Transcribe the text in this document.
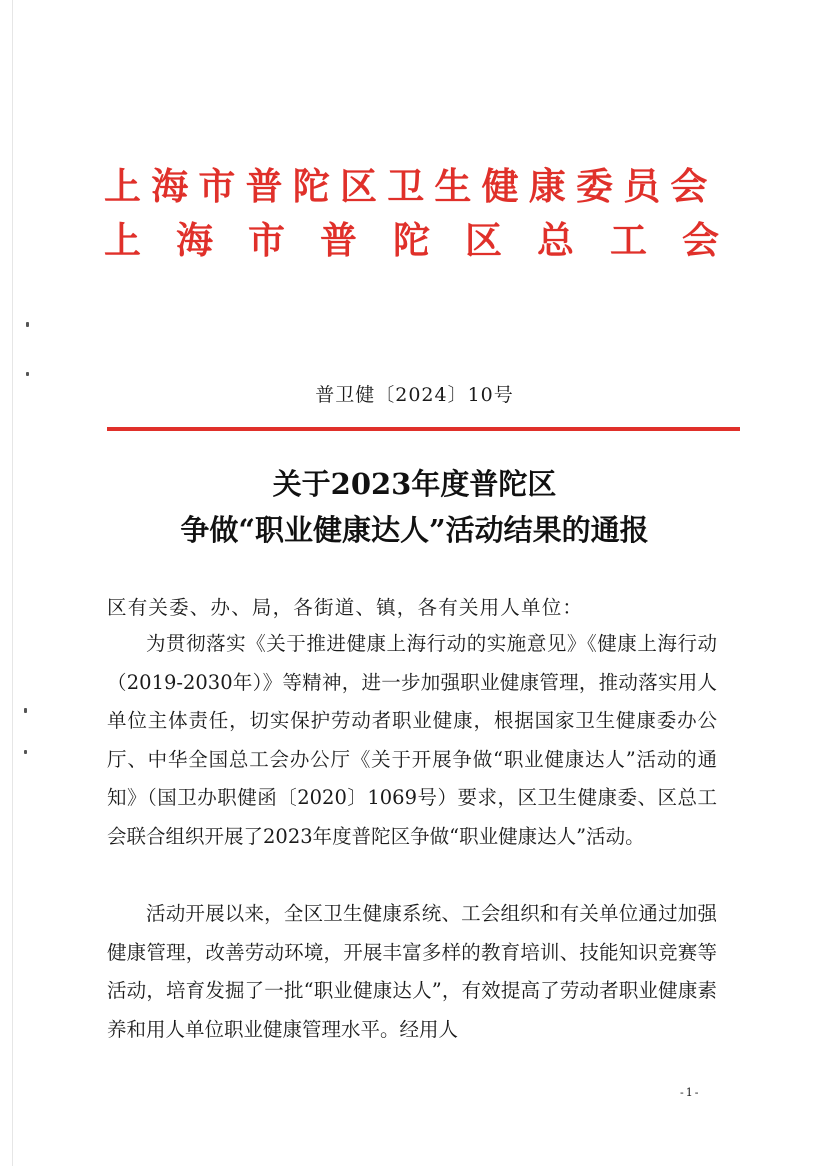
上海市普陀区卫生健康委员会
上 海 市 普 陀 区 总 工 会
普卫健〔2024〕10号
关于2023年度普陀区
争做“职业健康达人”活动结果的通报
区有关委、办、局，各街道、镇，各有关用人单位：
为贯彻落实《关于推进健康上海行动的实施意见》《健康上海行动（2019-2030年）》等精神，进一步加强职业健康管理，推动落实用人单位主体责任，切实保护劳动者职业健康，根据国家卫生健康委办公厅、中华全国总工会办公厅《关于开展争做“职业健康达人”活动的通知》（国卫办职健函〔2020〕1069号）要求，区卫生健康委、区总工会联合组织开展了2023年度普陀区争做“职业健康达人”活动。
活动开展以来，全区卫生健康系统、工会组织和有关单位通过加强健康管理，改善劳动环境，开展丰富多样的教育培训、技能知识竞赛等活动，培育发掘了一批“职业健康达人”，有效提高了劳动者职业健康素养和用人单位职业健康管理水平。经用人
-1-
